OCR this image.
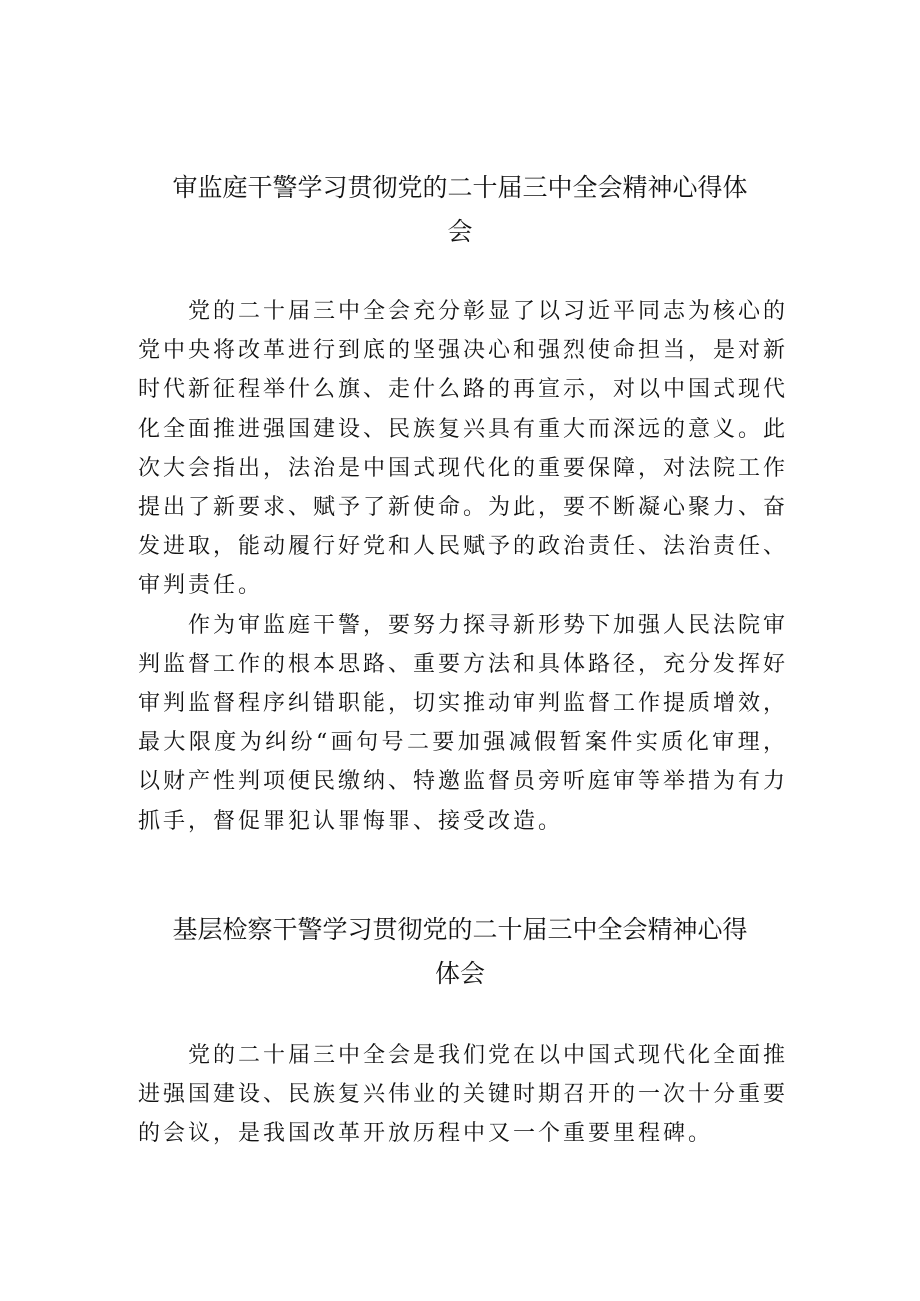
审监庭干警学习贯彻党的二十届三中全会精神心得体
会

党的二十届三中全会充分彰显了以习近平同志为核心的党中央将改革进行到底的坚强决心和强烈使命担当，是对新时代新征程举什么旗、走什么路的再宣示，对以中国式现代化全面推进强国建设、民族复兴具有重大而深远的意义。此次大会指出，法治是中国式现代化的重要保障，对法院工作提出了新要求、赋予了新使命。为此，要不断凝心聚力、奋发进取，能动履行好党和人民赋予的政治责任、法治责任、审判责任。

作为审监庭干警，要努力探寻新形势下加强人民法院审判监督工作的根本思路、重要方法和具体路径，充分发挥好审判监督程序纠错职能，切实推动审判监督工作提质增效，最大限度为纠纷“画句号二要加强减假暂案件实质化审理，以财产性判项便民缴纳、特邀监督员旁听庭审等举措为有力抓手，督促罪犯认罪悔罪、接受改造。

基层检察干警学习贯彻党的二十届三中全会精神心得
体会

党的二十届三中全会是我们党在以中国式现代化全面推进强国建设、民族复兴伟业的关键时期召开的一次十分重要的会议，是我国改革开放历程中又一个重要里程碑。
